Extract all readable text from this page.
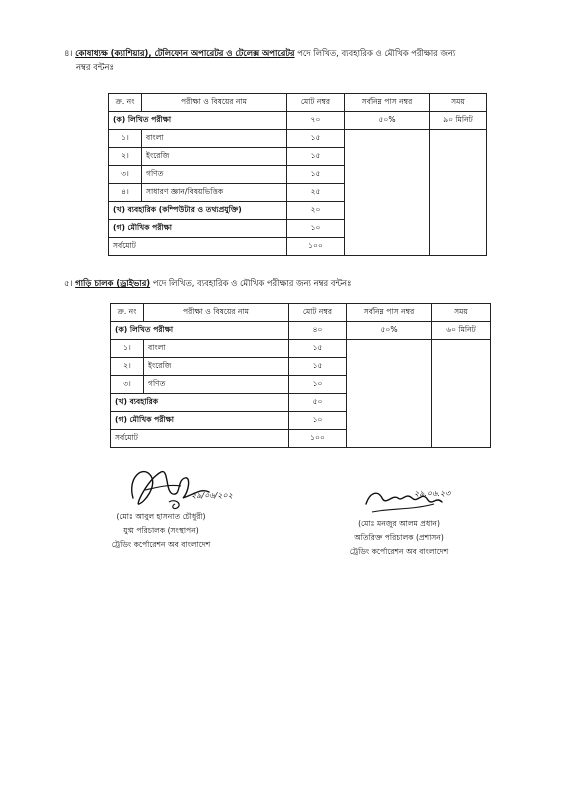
৪। কোষাধ্যক্ষ (ক্যাশিয়ার), টেলিফোন অপারেটর ও টেলেক্স অপারেটর পদে লিখিত, ব্যবহারিক ও মৌখিক পরীক্ষার জন্য
নম্বর বন্টনঃ
ক্র. নং	পরীক্ষা ও বিষয়ের নাম	মোট নম্বর	সর্বনিম্ন পাস নম্বর	সময়
(ক) লিখিত পরীক্ষা		৭০	৫০%	৯০ মিনিট
১।	বাংলা	১৫		
২।	ইংরেজি	১৫		
৩।	গণিত	১৫		
৪।	সাধারণ জ্ঞান/বিষয়ভিত্তিক	২৫		
(খ) ব্যবহারিক (কম্পিউটার ও তথ্যপ্রযুক্তি)		২০		
(গ) মৌখিক পরীক্ষা		১০		
সর্বমোট		১০০		
৫। গাড়ি চালক (ড্রাইভার) পদে লিখিত, ব্যবহারিক ও মৌখিক পরীক্ষার জন্য নম্বর বন্টনঃ
ক্র. নং	পরীক্ষা ও বিষয়ের নাম	মোট নম্বর	সর্বনিম্ন পাস নম্বর	সময়
(ক) লিখিত পরীক্ষা		৪০	৫০%	৬০ মিনিট
১।	বাংলা	১৫		
২।	ইংরেজি	১৫		
৩।	গণিত	১০		
(খ) ব্যবহারিক		৫০		
(গ) মৌখিক পরীক্ষা		১০		
সর্বমোট		১০০		
২৯/০৬/২০২	২৯.০৬.২৩
(মোঃ আবুল হাসনাত চৌধুরী)
যুগ্ম পরিচালক (সংস্থাপন)
ট্রেডিং কর্পোরেশন অব বাংলাদেশ
(মোঃ মনজুর আলম প্রধান)
অতিরিক্ত পরিচালক (প্রশাসন)
ট্রেডিং কর্পোরেশন অব বাংলাদেশ
